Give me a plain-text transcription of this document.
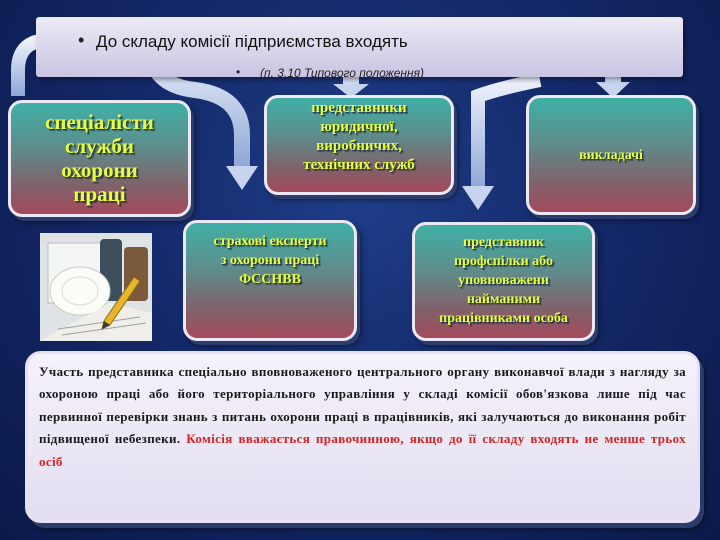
• До складу комісії підприємства входять
• (п. 3.10 Типового положення)
спеціалісти
служби
охорони
праці
представники
юридичної,
виробничих,
технічних служб
викладачі
страхові експерти
з охорони праці
ФССНВВ
представник
профспілки або
уповноважени
найманими
працівниками особа

Участь представника спеціально вповноваженого центрального органу виконавчої влади з нагляду за охороною праці або його територіального управління у складі комісії обов'язкова лише під час первинної перевірки знань з питань охорони праці в працівників, які залучаються до виконання робіт підвищеної небезпеки. Комісія вважається правочинною, якщо до її складу входять не менше трьох осіб
